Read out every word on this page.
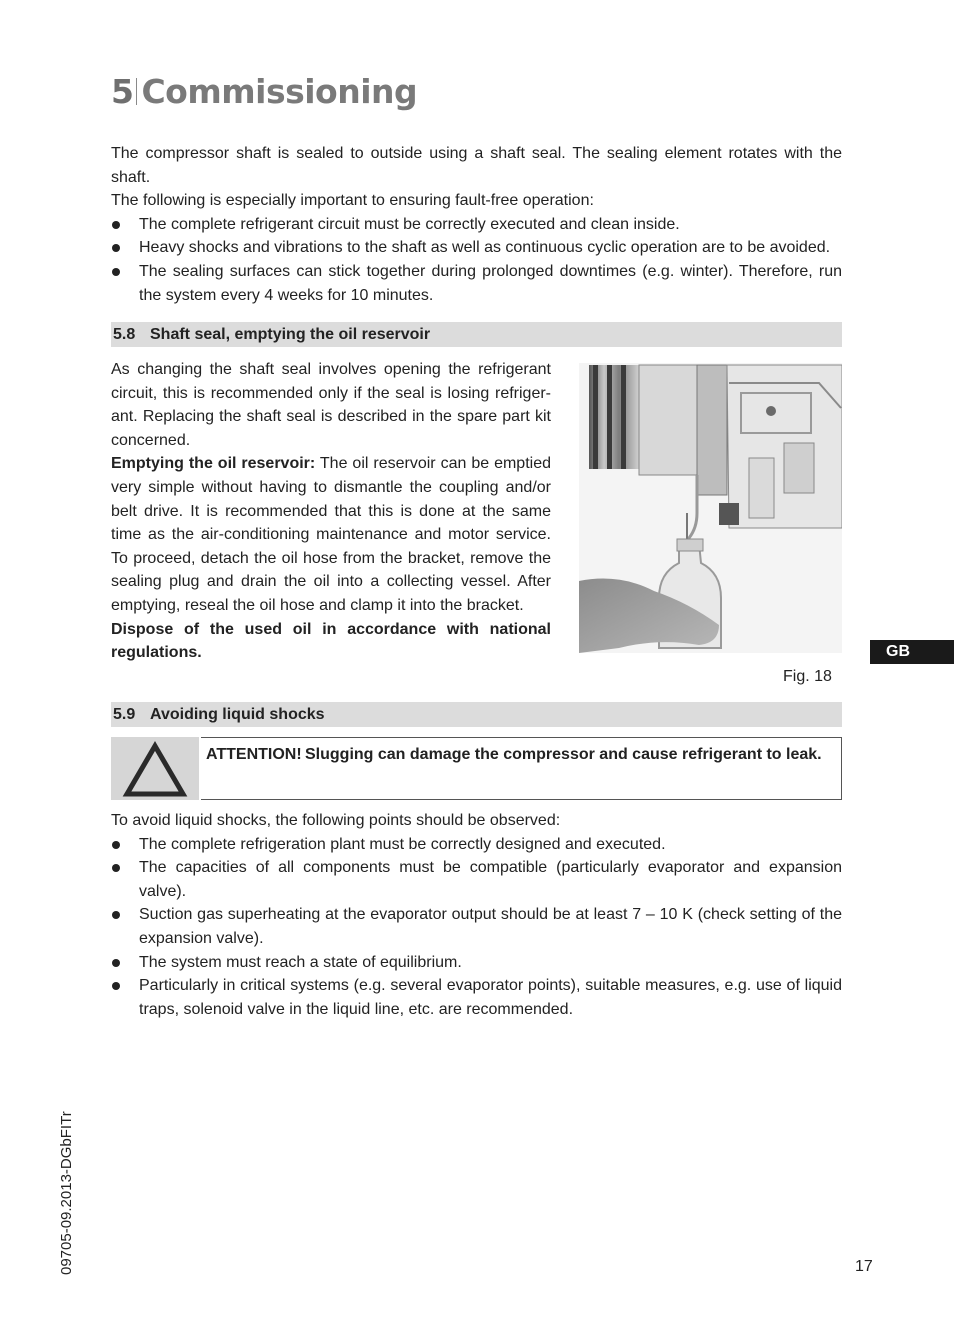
5 Commissioning

The compressor shaft is sealed to outside using a shaft seal. The sealing element rotates with the shaft.

The following is especially important to ensuring fault-free operation:

The complete refrigerant circuit must be correctly executed and clean inside.
Heavy shocks and vibrations to the shaft as well as continuous cyclic operation are to be avoided.
The sealing surfaces can stick together during prolonged downtimes (e.g. winter). Therefore, run the system every 4 weeks for 10 minutes.
5.8 Shaft seal, emptying the oil reservoir

As changing the shaft seal involves opening the refrigerant circuit, this is recommended only if the seal is losing refriger-ant. Replacing the shaft seal is described in the spare part kit concerned.

Emptying the oil reservoir: The oil reservoir can be emptied very simple without having to dismantle the coupling and/or belt drive. It is recommended that this is done at the same time as the air-conditioning maintenance and motor service. To proceed, detach the oil hose from the bracket, remove the sealing plug and drain the oil into a collecting vessel. After emptying, reseal the oil hose and clamp it into the bracket.

Dispose of the used oil in accordance with national regulations.

Fig. 18
GB
5.9 Avoiding liquid shocks
ATTENTION! Slugging can damage the compressor and cause refrigerant to leak.

To avoid liquid shocks, the following points should be observed:

The complete refrigeration plant must be correctly designed and executed.
The capacities of all components must be compatible (particularly evaporator and expansion valve).
Suction gas superheating at the evaporator output should be at least 7 – 10 K (check setting of the expansion valve).
The system must reach a state of equilibrium.
Particularly in critical systems (e.g. several evaporator points), suitable measures, e.g. use of liquid traps, solenoid valve in the liquid line, etc. are recommended.
09705-09.2013-DGbFITr	17
